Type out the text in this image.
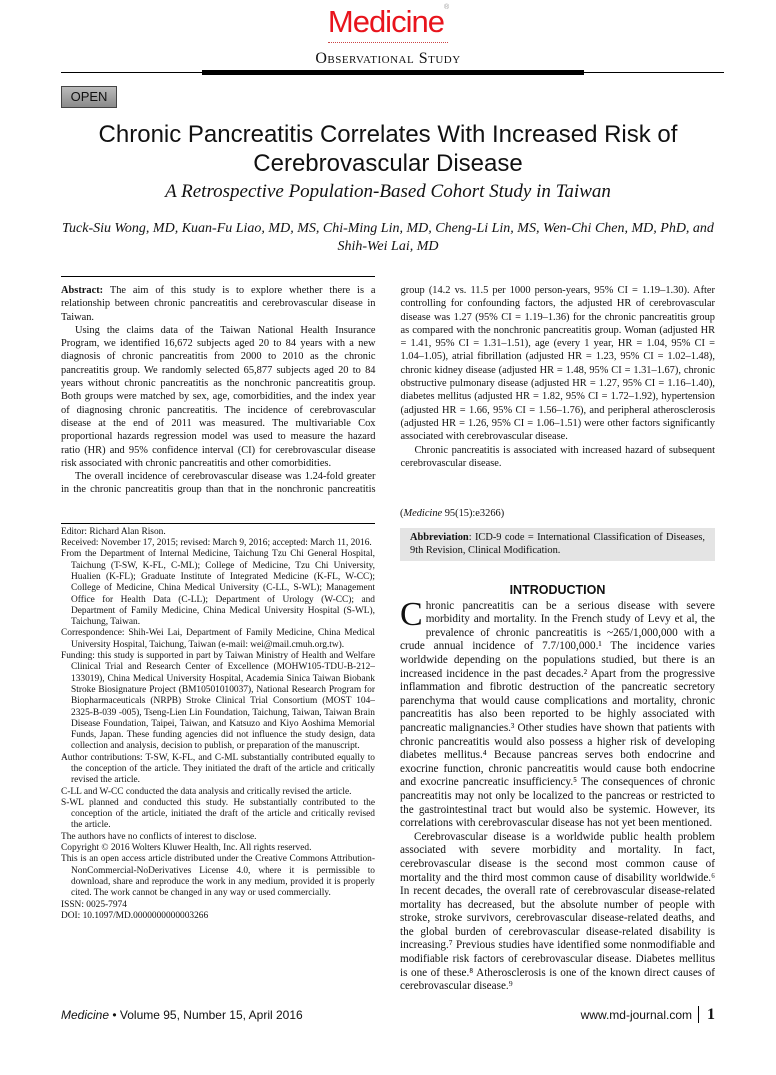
Medicine®
Observational Study
OPEN
Chronic Pancreatitis Correlates With Increased Risk of Cerebrovascular Disease
A Retrospective Population-Based Cohort Study in Taiwan
Tuck-Siu Wong, MD, Kuan-Fu Liao, MD, MS, Chi-Ming Lin, MD, Cheng-Li Lin, MS, Wen-Chi Chen, MD, PhD, and Shih-Wei Lai, MD

Abstract: The aim of this study is to explore whether there is a relationship between chronic pancreatitis and cerebrovascular disease in Taiwan.

Using the claims data of the Taiwan National Health Insurance Program, we identified 16,672 subjects aged 20 to 84 years with a new diagnosis of chronic pancreatitis from 2000 to 2010 as the chronic pancreatitis group. We randomly selected 65,877 subjects aged 20 to 84 years without chronic pancreatitis as the nonchronic pancreatitis group. Both groups were matched by sex, age, comorbidities, and the index year of diagnosing chronic pancreatitis. The incidence of cerebrovascular disease at the end of 2011 was measured. The multivariable Cox proportional hazards regression model was used to measure the hazard ratio (HR) and 95% confidence interval (CI) for cerebrovascular disease risk associated with chronic pancreatitis and other comorbidities.

The overall incidence of cerebrovascular disease was 1.24-fold greater in the chronic pancreatitis group than that in the nonchronic pancreatitis group (14.2 vs. 11.5 per 1000 person-years, 95% CI = 1.19–1.30). After controlling for confounding factors, the adjusted HR of cerebrovascular disease was 1.27 (95% CI = 1.19–1.36) for the chronic pancreatitis group as compared with the nonchronic pancreatitis group. Woman (adjusted HR = 1.41, 95% CI = 1.31–1.51), age (every 1 year, HR = 1.04, 95% CI = 1.04–1.05), atrial fibrillation (adjusted HR = 1.23, 95% CI = 1.02–1.48), chronic kidney disease (adjusted HR = 1.48, 95% CI = 1.31–1.67), chronic obstructive pulmonary disease (adjusted HR = 1.27, 95% CI = 1.16–1.40), diabetes mellitus (adjusted HR = 1.82, 95% CI = 1.72–1.92), hypertension (adjusted HR = 1.66, 95% CI = 1.56–1.76), and peripheral atherosclerosis (adjusted HR = 1.26, 95% CI = 1.06–1.51) were other factors significantly associated with cerebrovascular disease.

Chronic pancreatitis is associated with increased hazard of subsequent cerebrovascular disease.

Editor: Richard Alan Rison.

Received: November 17, 2015; revised: March 9, 2016; accepted: March 11, 2016.

From the Department of Internal Medicine, Taichung Tzu Chi General Hospital, Taichung (T-SW, K-FL, C-ML); College of Medicine, Tzu Chi University, Hualien (K-FL); Graduate Institute of Integrated Medicine (K-FL, W-CC); College of Medicine, China Medical University (C-LL, S-WL); Management Office for Health Data (C-LL); Department of Urology (W-CC); and Department of Family Medicine, China Medical University Hospital (S-WL), Taichung, Taiwan.

Correspondence: Shih-Wei Lai, Department of Family Medicine, China Medical University Hospital, Taichung, Taiwan (e-mail: wei@mail.cmuh.org.tw).

Funding: this study is supported in part by Taiwan Ministry of Health and Welfare Clinical Trial and Research Center of Excellence (MOHW105-TDU-B-212–133019), China Medical University Hospital, Academia Sinica Taiwan Biobank Stroke Biosignature Project (BM10501010037), National Research Program for Biopharmaceuticals (NRPB) Stroke Clinical Trial Consortium (MOST 104–2325-B-039 -005), Tseng-Lien Lin Foundation, Taichung, Taiwan, Taiwan Brain Disease Foundation, Taipei, Taiwan, and Katsuzo and Kiyo Aoshima Memorial Funds, Japan. These funding agencies did not influence the study design, data collection and analysis, decision to publish, or preparation of the manuscript.

Author contributions: T-SW, K-FL, and C-ML substantially contributed equally to the conception of the article. They initiated the draft of the article and critically revised the article.

C-LL and W-CC conducted the data analysis and critically revised the article.

S-WL planned and conducted this study. He substantially contributed to the conception of the article, initiated the draft of the article and critically revised the article.

The authors have no conflicts of interest to disclose.

Copyright © 2016 Wolters Kluwer Health, Inc. All rights reserved.

This is an open access article distributed under the Creative Commons Attribution-NonCommercial-NoDerivatives License 4.0, where it is permissible to download, share and reproduce the work in any medium, provided it is properly cited. The work cannot be changed in any way or used commercially.

ISSN: 0025-7974

DOI: 10.1097/MD.0000000000003266

(Medicine 95(15):e3266)
Abbreviation: ICD-9 code = International Classification of Diseases, 9th Revision, Clinical Modification.
INTRODUCTION

Chronic pancreatitis can be a serious disease with severe morbidity and mortality. In the French study of Levy et al, the prevalence of chronic pancreatitis is ~265/1,000,000 with a crude annual incidence of 7.7/100,000.¹ The incidence varies worldwide depending on the populations studied, but there is an increased incidence in the past decades.² Apart from the progressive inflammation and fibrotic destruction of the pancreatic secretory parenchyma that would cause complications and mortality, chronic pancreatitis has also been reported to be highly associated with pancreatic malignancies.³ Other studies have shown that patients with chronic pancreatitis would also possess a higher risk of developing diabetes mellitus.⁴ Because pancreas serves both endocrine and exocrine function, chronic pancreatitis would cause both endocrine and exocrine pancreatic insufficiency.⁵ The consequences of chronic pancreatitis may not only be localized to the pancreas or restricted to the gastrointestinal tract but would also be systemic. However, its correlations with cerebrovascular disease has not yet been mentioned.

Cerebrovascular disease is a worldwide public health problem associated with severe morbidity and mortality. In fact, cerebrovascular disease is the second most common cause of mortality and the third most common cause of disability worldwide.⁶ In recent decades, the overall rate of cerebrovascular disease-related mortality has decreased, but the absolute number of people with stroke, stroke survivors, cerebrovascular disease-related deaths, and the global burden of cerebrovascular disease-related disability is increasing.⁷ Previous studies have identified some nonmodifiable and modifiable risk factors of cerebrovascular disease. Diabetes mellitus is one of these.⁸ Atherosclerosis is one of the known direct causes of cerebrovascular disease.⁹

Medicine • Volume 95, Number 15, April 2016	www.md-journal.com 1
